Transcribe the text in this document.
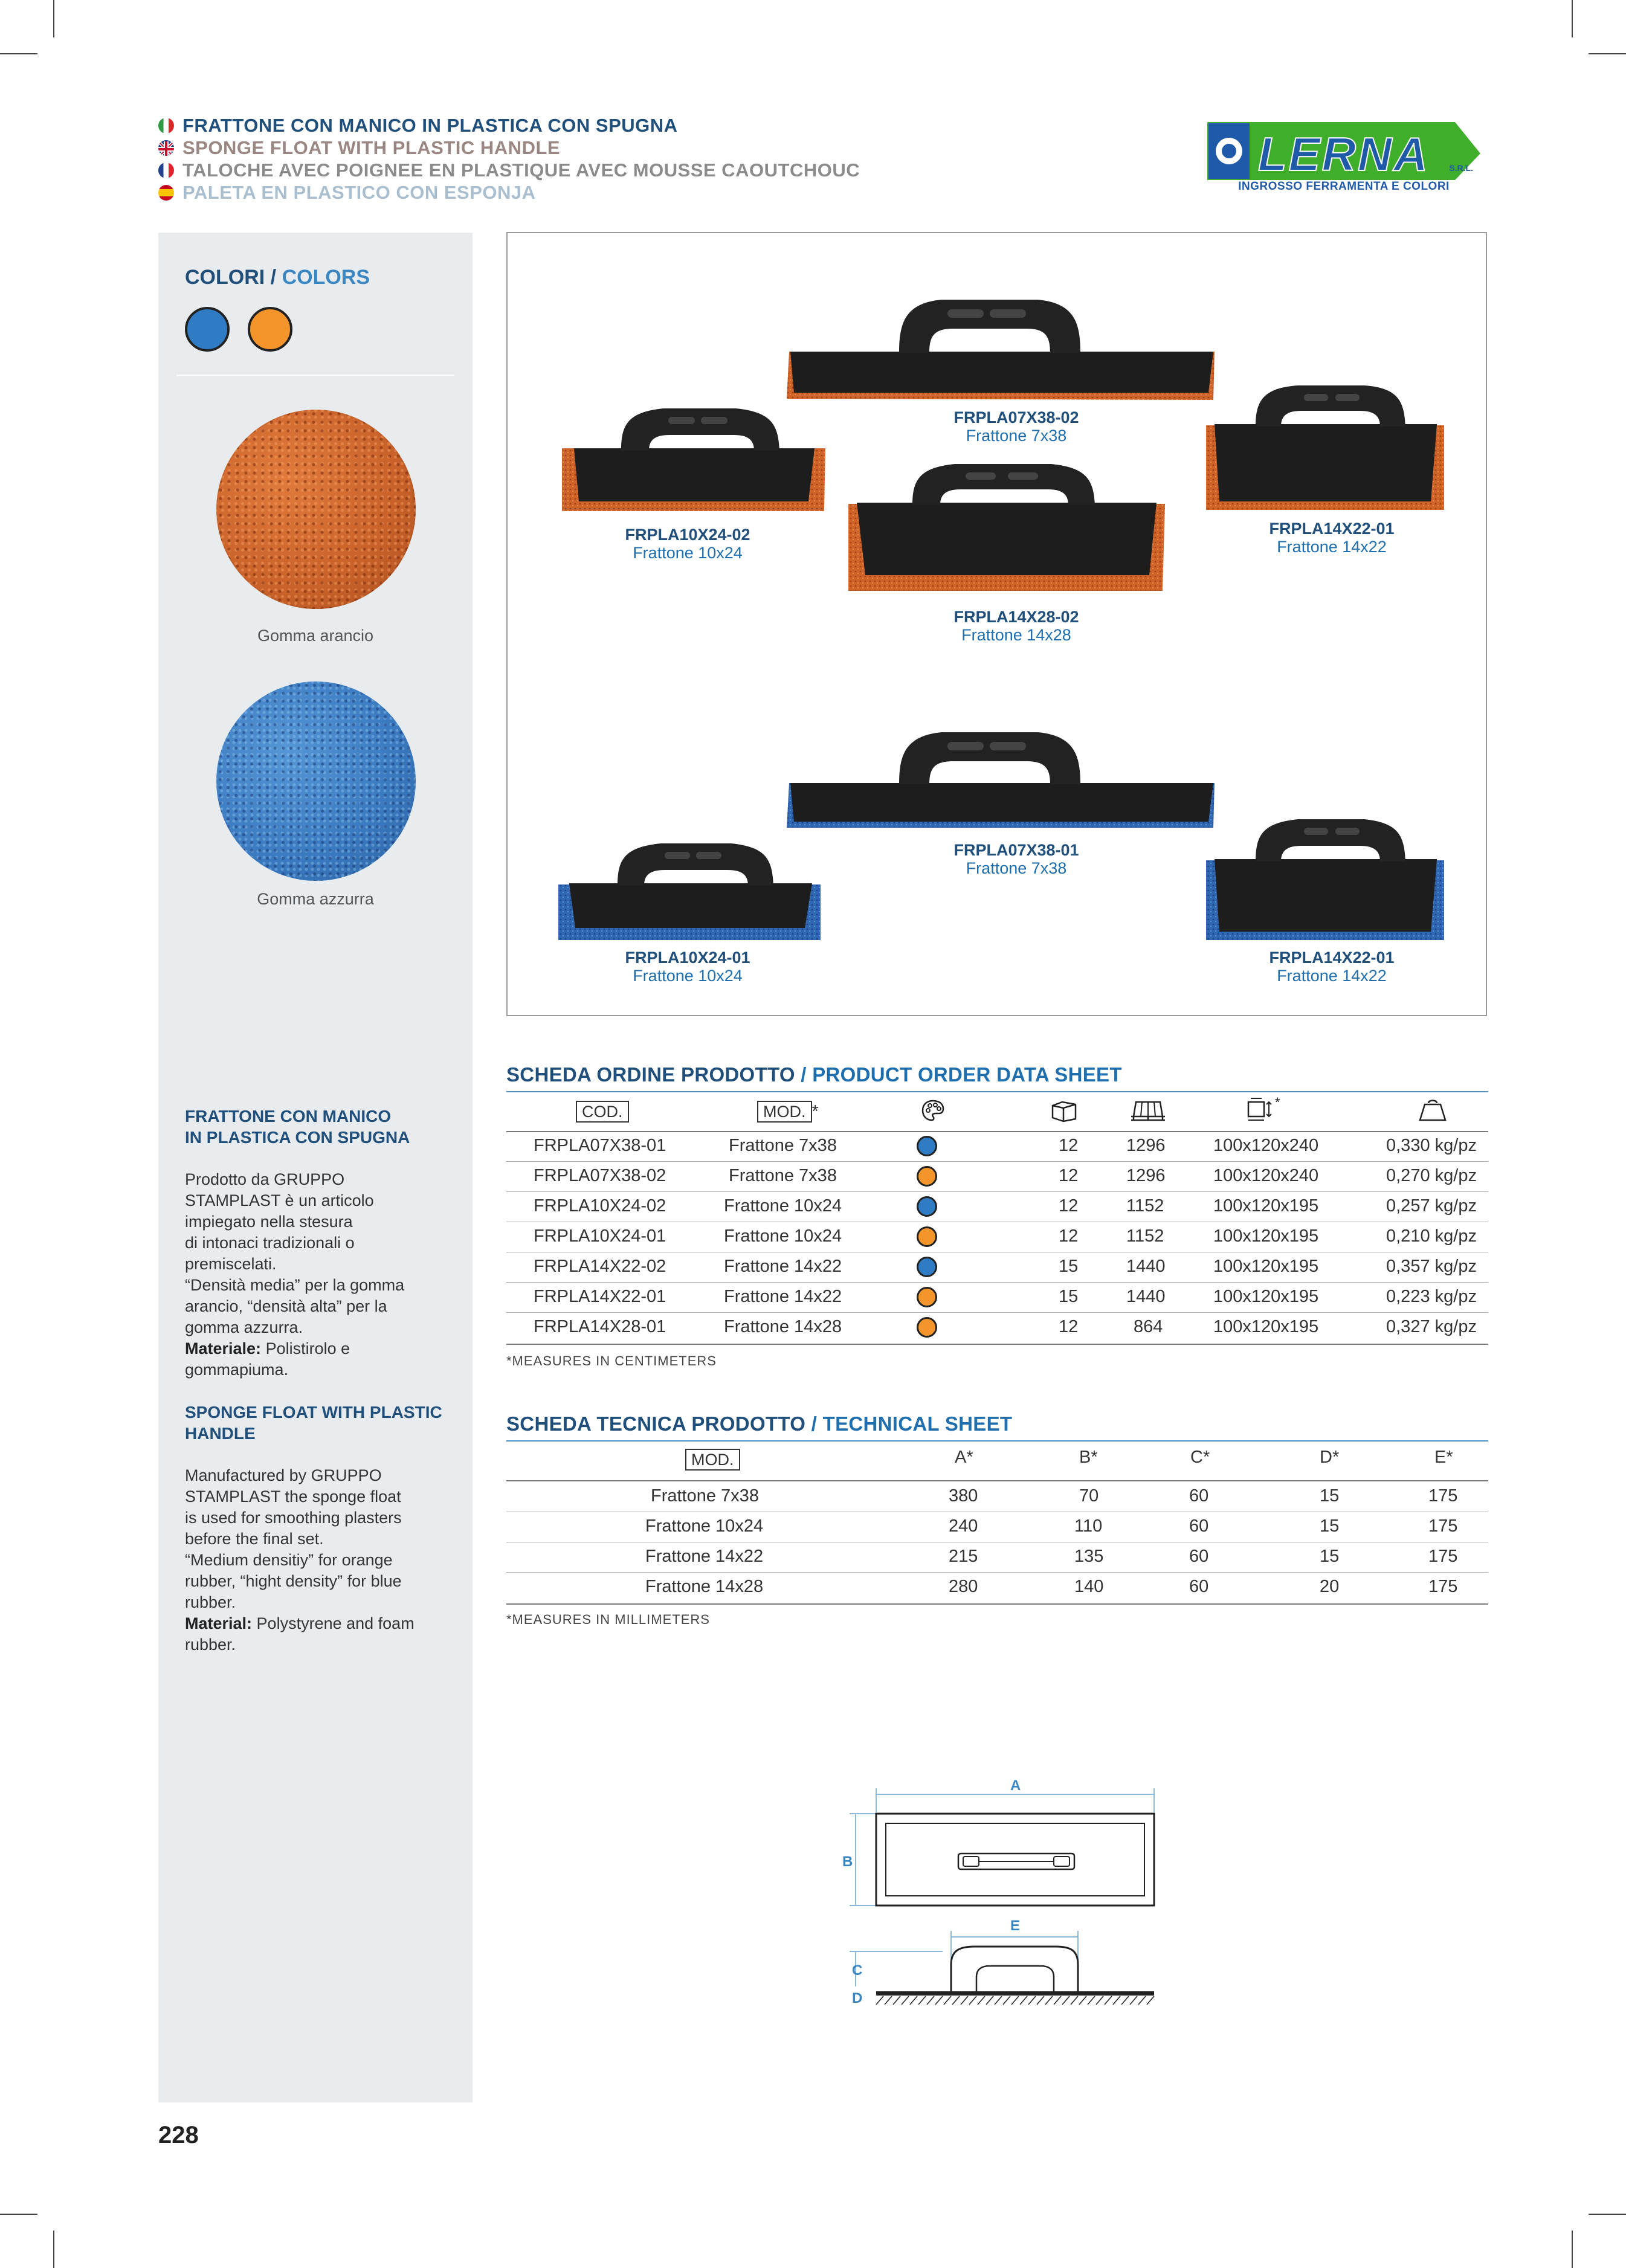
FRATTONE CON MANICO IN PLASTICA CON SPUGNA
SPONGE FLOAT WITH PLASTIC HANDLE
TALOCHE AVEC POIGNEE EN PLASTIQUE AVEC MOUSSE CAOUTCHOUC
PALETA EN PLASTICO CON ESPONJA
LERNA S.R.L.
INGROSSO FERRAMENTA E COLORI
COLORI / COLORS
Gomma arancio
Gomma azzurra
FRATTONE CON MANICO
IN PLASTICA CON SPUGNA
Prodotto da GRUPPO
STAMPLAST è un articolo
impiegato nella stesura
di intonaci tradizionali o
premiscelati.
“Densità media” per la gomma
arancio, “densità alta” per la
gomma azzurra.
Materiale: Polistirolo e
gommapiuma.
SPONGE FLOAT WITH PLASTIC
HANDLE
Manufactured by GRUPPO
STAMPLAST the sponge float
is used for smoothing plasters
before the final set.
“Medium densitiy” for orange
rubber, “hight density” for blue
rubber.
Material: Polystyrene and foam
rubber.
FRPLA07X38-02
Frattone 7x38
FRPLA10X24-02
Frattone 10x24
FRPLA14X22-01
Frattone 14x22
FRPLA14X28-02
Frattone 14x28
FRPLA07X38-01
Frattone 7x38
FRPLA10X24-01
Frattone 10x24
FRPLA14X22-01
Frattone 14x22
SCHEDA ORDINE PRODOTTO / PRODUCT ORDER DATA SHEET
COD.	MOD. *	*
FRPLA07X38-01	Frattone 7x38	12	1296	100x120x240	0,330 kg/pz
FRPLA07X38-02	Frattone 7x38	12	1296	100x120x240	0,270 kg/pz
FRPLA10X24-02	Frattone 10x24	12	1152	100x120x195	0,257 kg/pz
FRPLA10X24-01	Frattone 10x24	12	1152	100x120x195	0,210 kg/pz
FRPLA14X22-02	Frattone 14x22	15	1440	100x120x195	0,357 kg/pz
FRPLA14X22-01	Frattone 14x22	15	1440	100x120x195	0,223 kg/pz
FRPLA14X28-01	Frattone 14x28	12	864	100x120x195	0,327 kg/pz
*MEASURES IN CENTIMETERS
SCHEDA TECNICA PRODOTTO / TECHNICAL SHEET
MOD.	A*	B*	C*	D*	E*
Frattone 7x38	380	70	60	15	175
Frattone 10x24	240	110	60	15	175
Frattone 14x22	215	135	60	15	175
Frattone 14x28	280	140	60	20	175
*MEASURES IN MILLIMETERS
A
B
E
C
D
228
